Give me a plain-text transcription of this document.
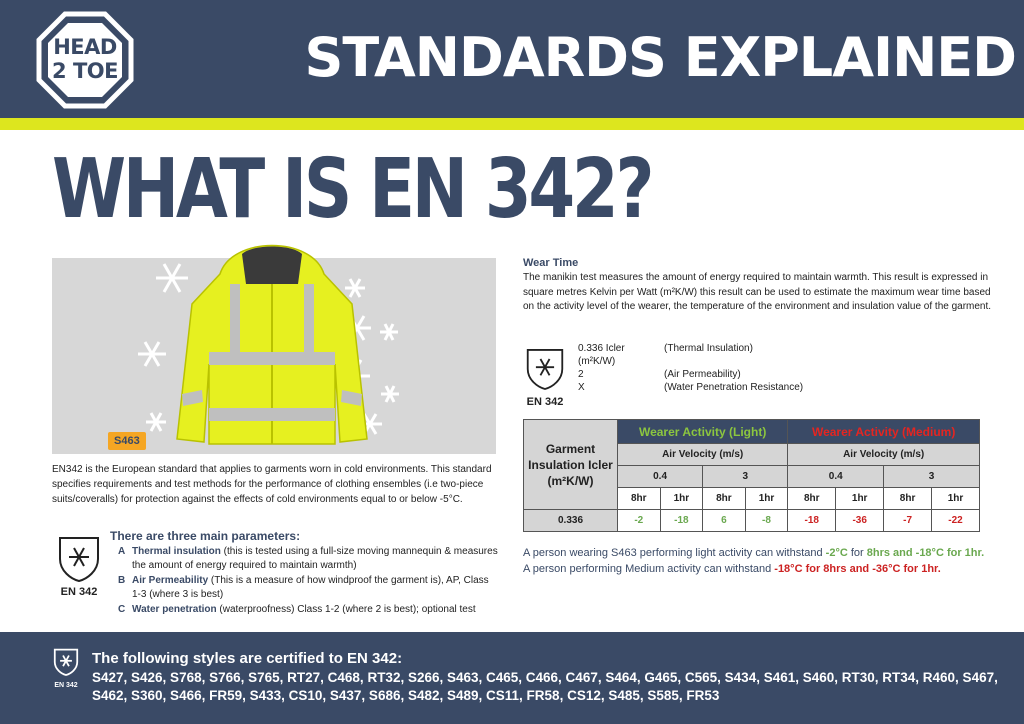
HEAD
2 TOE	STANDARDS EXPLAINED
WHAT IS EN 342?
S463
EN342 is the European standard that applies to garments worn in cold environments. This standard specifies requirements and test methods for the performance of clothing ensembles (i.e two-piece suits/coveralls) for protection against the effects of cold environments equal to or below -5°C.
EN 342
There are three main parameters:
A Thermal insulation (this is tested using a full-size moving mannequin & measures the amount of energy required to maintain warmth)
B Air Permeability (This is a measure of how windproof the garment is), AP, Class 1-3 (where 3 is best)
C Water penetration (waterproofness) Class 1-2 (where 2 is best); optional test
Wear Time
The manikin test measures the amount of energy required to maintain warmth. This result is expressed in square metres Kelvin per Watt (m²K/W) this result can be used to estimate the maximum wear time based on the activity level of the wearer, the temperature of the environment and insulation value of the garment.
EN 342
0.336 Icler (m²K/W)
(Thermal Insulation)
2	(Air Permeability)
X	(Water Penetration Resistance)
Garment Insulation Icler (m²K/W)	Wearer Activity (Light)				Wearer Activity (Medium)			
	Air Velocity (m/s)				Air Velocity (m/s)			
	0.4		3		0.4		3	
	8hr	1hr	8hr	1hr	8hr	1hr	8hr	1hr
0.336	-2	-18	6	-8	-18	-36	-7	-22
A person wearing S463 performing light activity can withstand -2°C for 8hrs and -18°C for 1hr. A person performing Medium activity can withstand -18°C for 8hrs and -36°C for 1hr.
EN 342
The following styles are certified to EN 342:
S427, S426, S768, S766, S765, RT27, C468, RT32, S266, S463, C465, C466, C467, S464, G465, C565, S434, S461, S460, RT30, RT34, R460, S467, S462, S360, S466, FR59, S433, CS10, S437, S686, S482, S489, CS11, FR58, CS12, S485, S585, FR53
